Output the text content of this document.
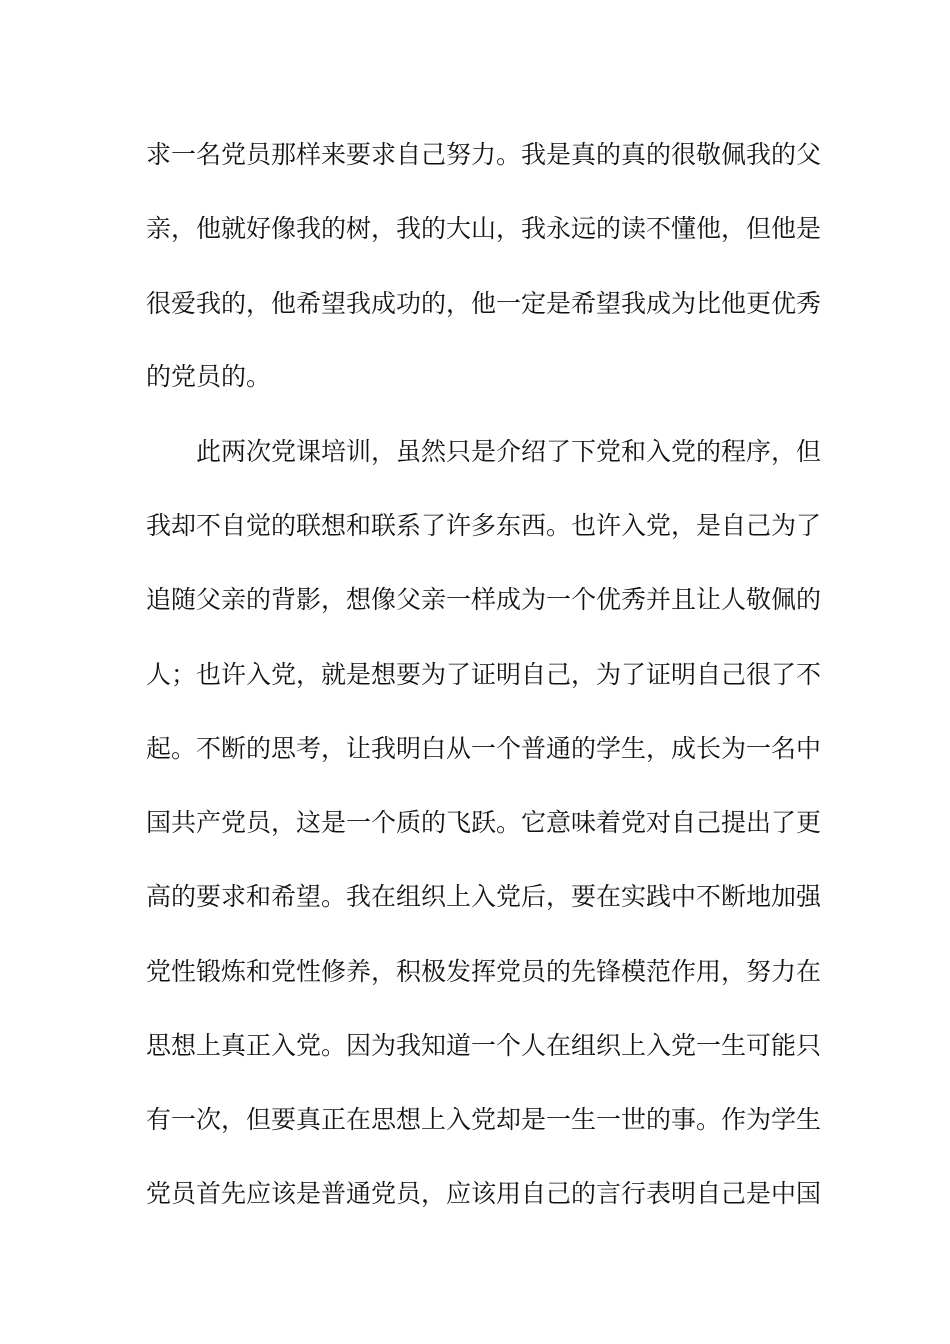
求一名党员那样来要求自己努力。我是真的真的很敬佩我的父
亲，他就好像我的树，我的大山，我永远的读不懂他，但他是
很爱我的，他希望我成功的，他一定是希望我成为比他更优秀
的党员的。
此两次党课培训，虽然只是介绍了下党和入党的程序，但
我却不自觉的联想和联系了许多东西。也许入党，是自己为了
追随父亲的背影，想像父亲一样成为一个优秀并且让人敬佩的
人；也许入党，就是想要为了证明自己，为了证明自己很了不
起。不断的思考，让我明白从一个普通的学生，成长为一名中
国共产党员，这是一个质的飞跃。它意味着党对自己提出了更
高的要求和希望。我在组织上入党后，要在实践中不断地加强
党性锻炼和党性修养，积极发挥党员的先锋模范作用，努力在
思想上真正入党。因为我知道一个人在组织上入党一生可能只
有一次，但要真正在思想上入党却是一生一世的事。作为学生
党员首先应该是普通党员，应该用自己的言行表明自己是中国
